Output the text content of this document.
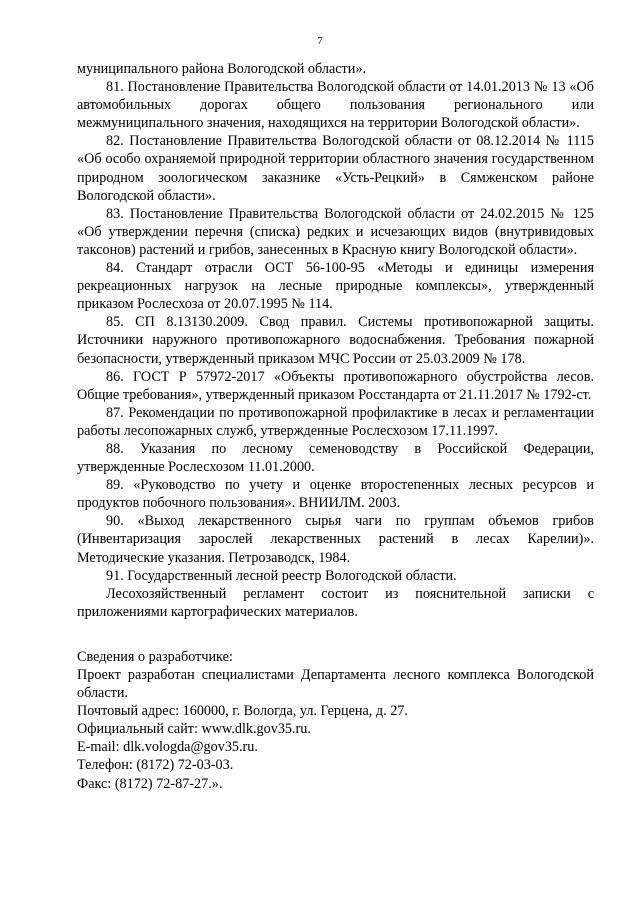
7

муниципального района Вологодской области».

81. Постановление Правительства Вологодской области от 14.01.2013 № 13 «Об автомобильных дорогах общего пользования регионального или межмуниципального значения, находящихся на территории Вологодской области».

82. Постановление Правительства Вологодской области от 08.12.2014 № 1115 «Об особо охраняемой природной территории областного значения государственном природном зоологическом заказнике «Усть-Рецкий» в Сямженском районе Вологодской области».

83. Постановление Правительства Вологодской области от 24.02.2015 № 125 «Об утверждении перечня (списка) редких и исчезающих видов (внутривидовых таксонов) растений и грибов, занесенных в Красную книгу Вологодской области».

84. Стандарт отрасли ОСТ 56-100-95 «Методы и единицы измерения рекреационных нагрузок на лесные природные комплексы», утвержденный приказом Рослесхоза от 20.07.1995 № 114.

85. СП 8.13130.2009. Свод правил. Системы противопожарной защиты. Источники наружного противопожарного водоснабжения. Требования пожарной безопасности, утвержденный приказом МЧС России от 25.03.2009 № 178.

86. ГОСТ Р 57972-2017 «Объекты противопожарного обустройства лесов. Общие требования», утвержденный приказом Росстандарта от 21.11.2017 № 1792-ст.

87. Рекомендации по противопожарной профилактике в лесах и регламентации работы лесопожарных служб, утвержденные Рослесхозом 17.11.1997.

88. Указания по лесному семеноводству в Российской Федерации, утвержденные Рослесхозом 11.01.2000.

89. «Руководство по учету и оценке второстепенных лесных ресурсов и продуктов побочного пользования». ВНИИЛМ. 2003.

90. «Выход лекарственного сырья чаги по группам объемов грибов (Инвентаризация зарослей лекарственных растений в лесах Карелии)». Методические указания. Петрозаводск, 1984.

91. Государственный лесной реестр Вологодской области.

Лесохозяйственный регламент состоит из пояснительной записки с приложениями картографических материалов.

Сведения о разработчике:

Проект разработан специалистами Департамента лесного комплекса Вологодской области.

Почтовый адрес: 160000, г. Вологда, ул. Герцена, д. 27.

Официальный сайт: www.dlk.gov35.ru.

E-mail: dlk.vologda@gov35.ru.

Телефон: (8172) 72-03-03.

Факс: (8172) 72-87-27.».
